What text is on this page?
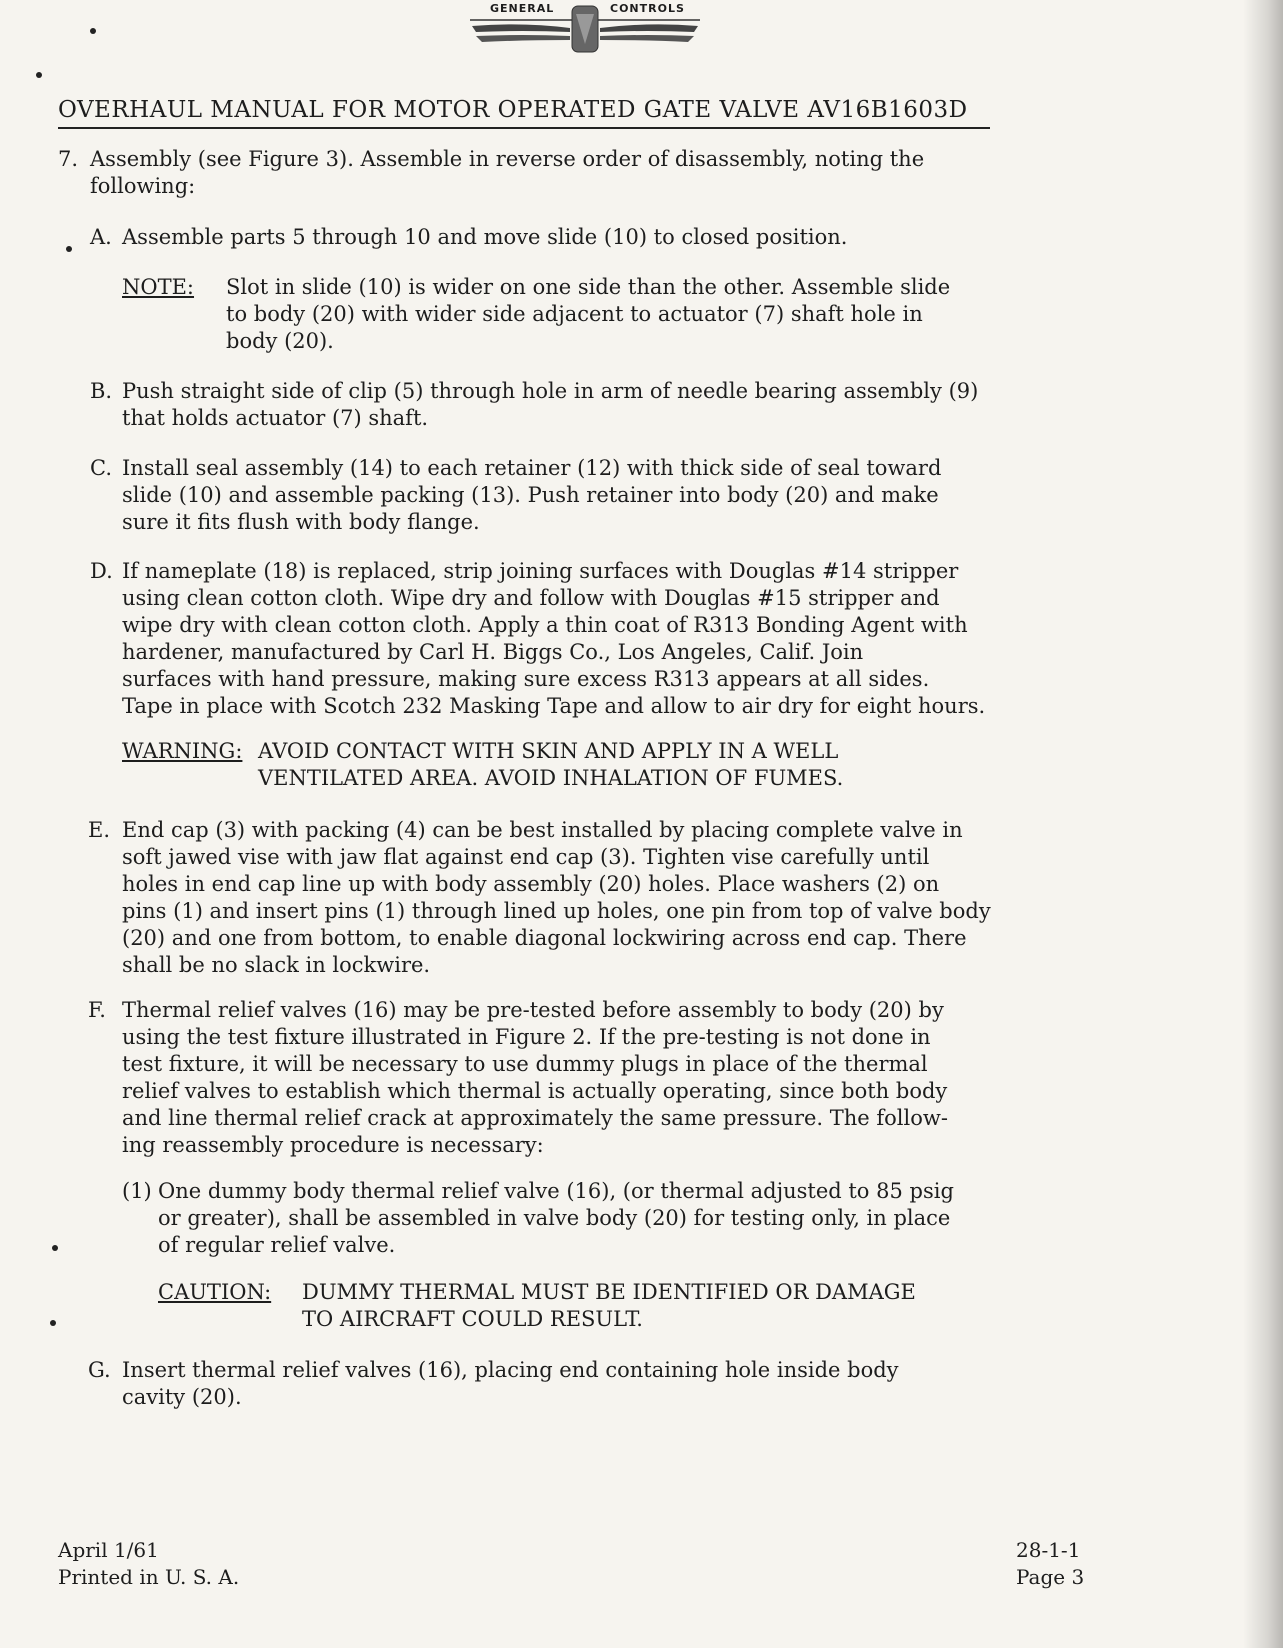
GENERAL	CONTROLS
OVERHAUL MANUAL FOR MOTOR OPERATED GATE VALVE AV16B1603D
7. Assembly (see Figure 3). Assemble in reverse order of disassembly, noting the
following:
A. Assemble parts 5 through 10 and move slide (10) to closed position.
NOTE: Slot in slide (10) is wider on one side than the other. Assemble slide
to body (20) with wider side adjacent to actuator (7) shaft hole in
body (20).
B. Push straight side of clip (5) through hole in arm of needle bearing assembly (9)
that holds actuator (7) shaft.
C. Install seal assembly (14) to each retainer (12) with thick side of seal toward
slide (10) and assemble packing (13). Push retainer into body (20) and make
sure it fits flush with body flange.
D. If nameplate (18) is replaced, strip joining surfaces with Douglas #14 stripper
using clean cotton cloth. Wipe dry and follow with Douglas #15 stripper and
wipe dry with clean cotton cloth. Apply a thin coat of R313 Bonding Agent with
hardener, manufactured by Carl H. Biggs Co., Los Angeles, Calif. Join
surfaces with hand pressure, making sure excess R313 appears at all sides.
Tape in place with Scotch 232 Masking Tape and allow to air dry for eight hours.
WARNING: AVOID CONTACT WITH SKIN AND APPLY IN A WELL
VENTILATED AREA. AVOID INHALATION OF FUMES.
E. End cap (3) with packing (4) can be best installed by placing complete valve in
soft jawed vise with jaw flat against end cap (3). Tighten vise carefully until
holes in end cap line up with body assembly (20) holes. Place washers (2) on
pins (1) and insert pins (1) through lined up holes, one pin from top of valve body
(20) and one from bottom, to enable diagonal lockwiring across end cap. There
shall be no slack in lockwire.
F. Thermal relief valves (16) may be pre-tested before assembly to body (20) by
using the test fixture illustrated in Figure 2. If the pre-testing is not done in
test fixture, it will be necessary to use dummy plugs in place of the thermal
relief valves to establish which thermal is actually operating, since both body
and line thermal relief crack at approximately the same pressure. The follow-
ing reassembly procedure is necessary:
(1) One dummy body thermal relief valve (16), (or thermal adjusted to 85 psig
or greater), shall be assembled in valve body (20) for testing only, in place
of regular relief valve.
CAUTION: DUMMY THERMAL MUST BE IDENTIFIED OR DAMAGE
TO AIRCRAFT COULD RESULT.
G. Insert thermal relief valves (16), placing end containing hole inside body
cavity (20).
April 1/61
Printed in U. S. A.
28-1-1
Page 3
